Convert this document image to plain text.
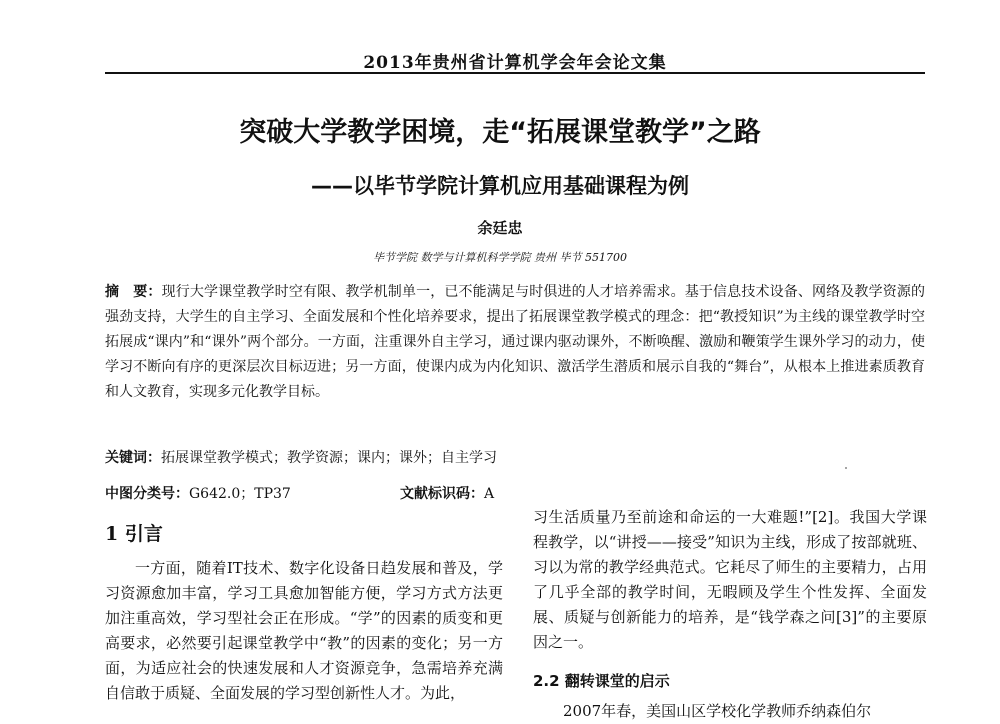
2013年贵州省计算机学会年会论文集
突破大学教学困境，走“拓展课堂教学”之路
——以毕节学院计算机应用基础课程为例
余廷忠
毕节学院 数学与计算机科学学院 贵州 毕节 551700
摘　要：现行大学课堂教学时空有限、教学机制单一，已不能满足与时俱进的人才培养需求。基于信息技术设备、网络及教学资源的强劲支持，大学生的自主学习、全面发展和个性化培养要求，提出了拓展课堂教学模式的理念：把“教授知识”为主线的课堂教学时空拓展成“课内”和“课外”两个部分。一方面，注重课外自主学习，通过课内驱动课外，不断唤醒、激励和鞭策学生课外学习的动力，使学习不断向有序的更深层次目标迈进；另一方面，使课内成为内化知识、激活学生潜质和展示自我的“舞台”，从根本上推进素质教育和人文教育，实现多元化教学目标。
关键词：拓展课堂教学模式；教学资源；课内；课外；自主学习
中图分类号：G642.0；TP37	文献标识码：A
1 引言

一方面，随着IT技术、数字化设备日趋发展和普及，学习资源愈加丰富，学习工具愈加智能方便，学习方式方法更加注重高效，学习型社会正在形成。“学”的因素的质变和更高要求，必然要引起课堂教学中“教”的因素的变化；另一方面，为适应社会的快速发展和人才资源竞争，急需培养充满自信敢于质疑、全面发展的学习型创新性人才。为此，

习生活质量乃至前途和命运的一大难题!”[2]。我国大学课程教学，以“讲授——接受”知识为主线，形成了按部就班、习以为常的教学经典范式。它耗尽了师生的主要精力，占用了几乎全部的教学时间，无暇顾及学生个性发挥、全面发展、质疑与创新能力的培养，是“钱学森之问[3]”的主要原因之一。

2.2 翻转课堂的启示

2007年春，美国山区学校化学教师乔纳森伯尔
